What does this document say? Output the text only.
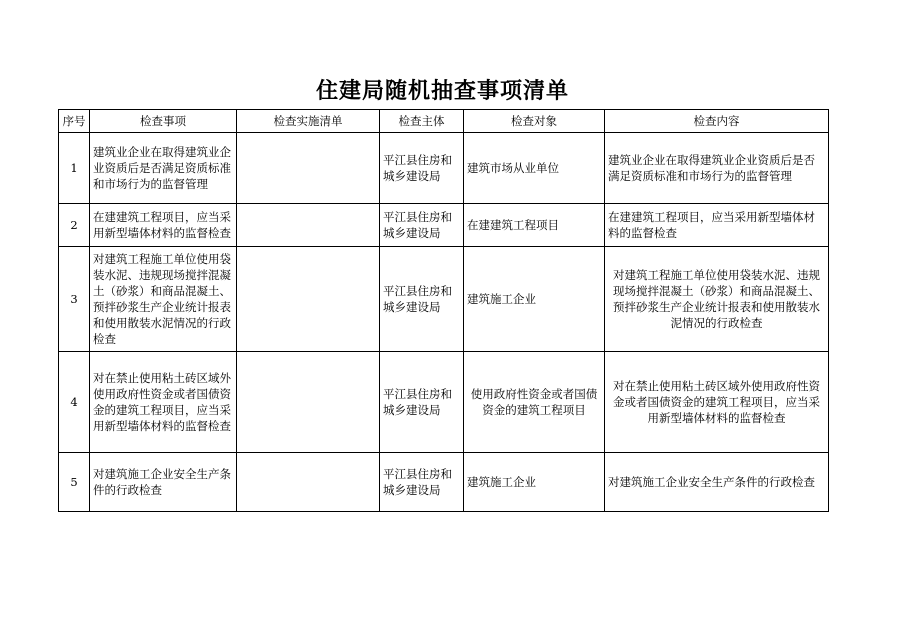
住建局随机抽查事项清单
序号	检查事项	检查实施清单	检查主体	检查对象	检查内容
1	建筑业企业在取得建筑业企业资质后是否满足资质标准和市场行为的监督管理		平江县住房和城乡建设局	建筑市场从业单位	建筑业企业在取得建筑业企业资质后是否满足资质标准和市场行为的监督管理
2	在建建筑工程项目，应当采用新型墙体材料的监督检查		平江县住房和城乡建设局	在建建筑工程项目	在建建筑工程项目，应当采用新型墙体材料的监督检查
3	对建筑工程施工单位使用袋装水泥、违规现场搅拌混凝土（砂浆）和商品混凝土、预拌砂浆生产企业统计报表和使用散装水泥情况的行政检查		平江县住房和城乡建设局	建筑施工企业	对建筑工程施工单位使用袋装水泥、违规现场搅拌混凝土（砂浆）和商品混凝土、预拌砂浆生产企业统计报表和使用散装水泥情况的行政检查
4	对在禁止使用粘土砖区域外使用政府性资金或者国债资金的建筑工程项目，应当采用新型墙体材料的监督检查		平江县住房和城乡建设局	使用政府性资金或者国债资金的建筑工程项目	对在禁止使用粘土砖区域外使用政府性资金或者国债资金的建筑工程项目，应当采用新型墙体材料的监督检查
5	对建筑施工企业安全生产条件的行政检查		平江县住房和城乡建设局	建筑施工企业	对建筑施工企业安全生产条件的行政检查
